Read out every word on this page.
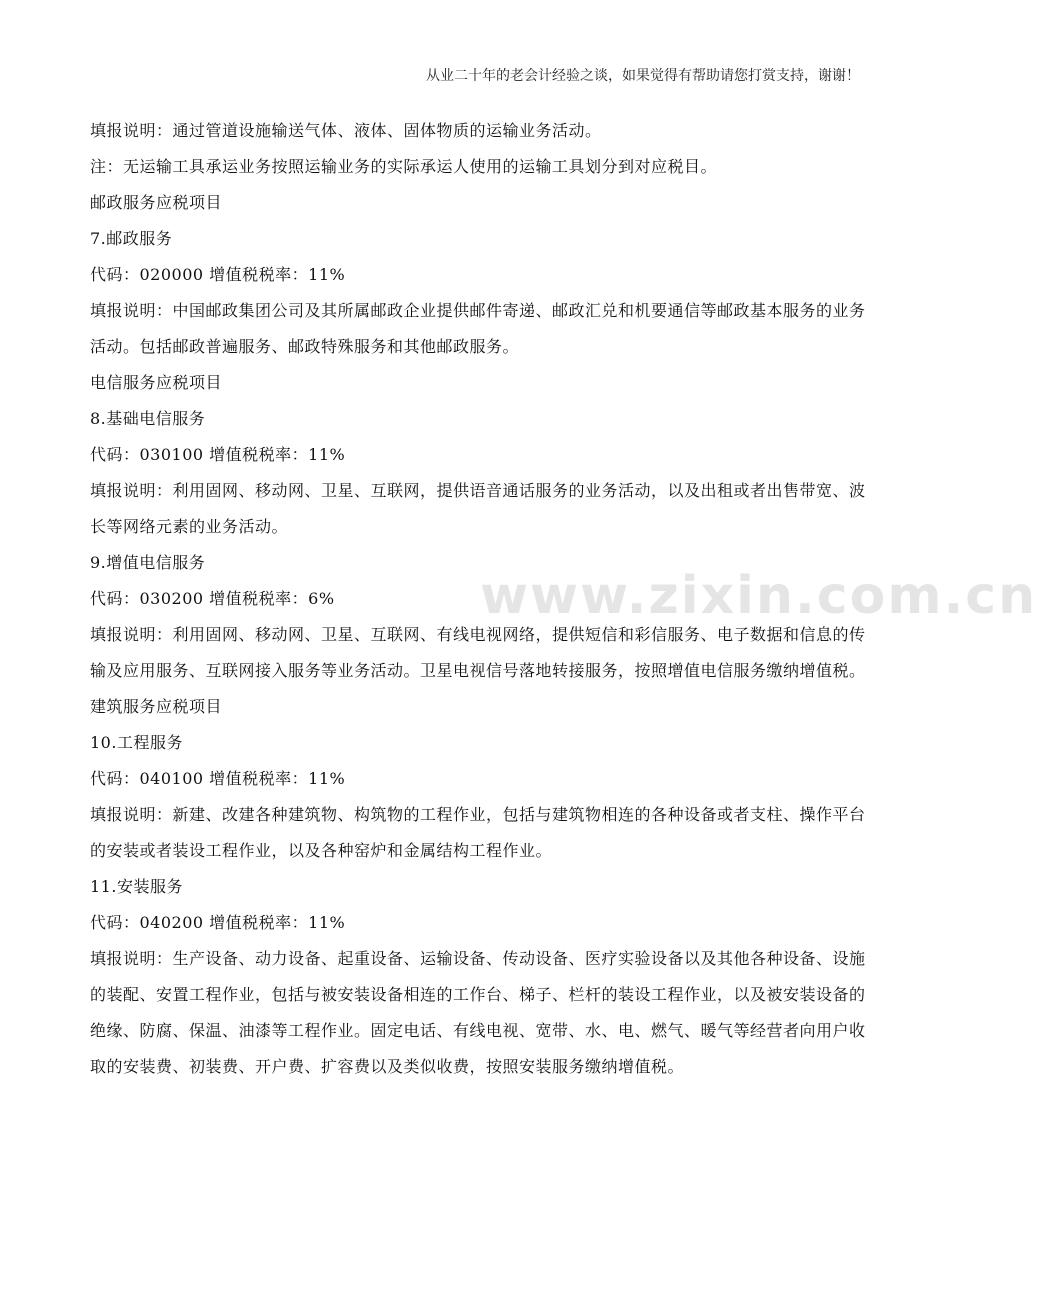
从业二十年的老会计经验之谈，如果觉得有帮助请您打赏支持，谢谢！
www.zixin.com.cn

填报说明：通过管道设施输送气体、液体、固体物质的运输业务活动。

注：无运输工具承运业务按照运输业务的实际承运人使用的运输工具划分到对应税目。

邮政服务应税项目

7.邮政服务

代码：020000 增值税税率：11%

填报说明：中国邮政集团公司及其所属邮政企业提供邮件寄递、邮政汇兑和机要通信等邮政基本服务的业务活动。包括邮政普遍服务、邮政特殊服务和其他邮政服务。

电信服务应税项目

8.基础电信服务

代码：030100 增值税税率：11%

填报说明：利用固网、移动网、卫星、互联网，提供语音通话服务的业务活动，以及出租或者出售带宽、波长等网络元素的业务活动。

9.增值电信服务

代码：030200 增值税税率：6%

填报说明：利用固网、移动网、卫星、互联网、有线电视网络，提供短信和彩信服务、电子数据和信息的传输及应用服务、互联网接入服务等业务活动。卫星电视信号落地转接服务，按照增值电信服务缴纳增值税。

建筑服务应税项目

10.工程服务

代码：040100 增值税税率：11%

填报说明：新建、改建各种建筑物、构筑物的工程作业，包括与建筑物相连的各种设备或者支柱、操作平台的安装或者装设工程作业，以及各种窑炉和金属结构工程作业。

11.安装服务

代码：040200 增值税税率：11%

填报说明：生产设备、动力设备、起重设备、运输设备、传动设备、医疗实验设备以及其他各种设备、设施的装配、安置工程作业，包括与被安装设备相连的工作台、梯子、栏杆的装设工程作业，以及被安装设备的绝缘、防腐、保温、油漆等工程作业。固定电话、有线电视、宽带、水、电、燃气、暖气等经营者向用户收取的安装费、初装费、开户费、扩容费以及类似收费，按照安装服务缴纳增值税。
